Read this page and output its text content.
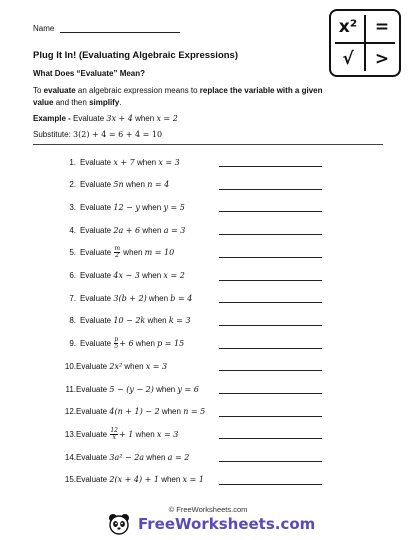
Name	x²	=
√	>
Plug It In! (Evaluating Algebraic Expressions)
What Does “Evaluate” Mean?
To evaluate an algebraic expression means to replace the variable with a given value and then simplify.
Example - Evaluate 3x + 4 when x = 2
Substitute: 3(2) + 4 = 6 + 4 = 10
1. Evaluate x + 7 when x = 3
2. Evaluate 5n when n = 4
3. Evaluate 12 − y when y = 5
4. Evaluate 2a + 6 when a = 3
5. Evaluate $\frac{m}{2}$ when m = 10
6. Evaluate 4x − 3 when x = 2
7. Evaluate 3(b + 2) when b = 4
8. Evaluate 10 − 2k when k = 3
9. Evaluate $\frac{p}{5} + 6$ when p = 15
10. Evaluate 2x² when x = 3
11. Evaluate 5 − (y − 2) when y = 6
12. Evaluate 4(n + 1) − 2 when n = 5
13. Evaluate $\frac{12}{x} + 1$ when x = 3
14. Evaluate 3a² − 2a when a = 2
15. Evaluate 2(x + 4) + 1 when x = 1
© FreeWorksheets.com
FreeWorksheets.com
